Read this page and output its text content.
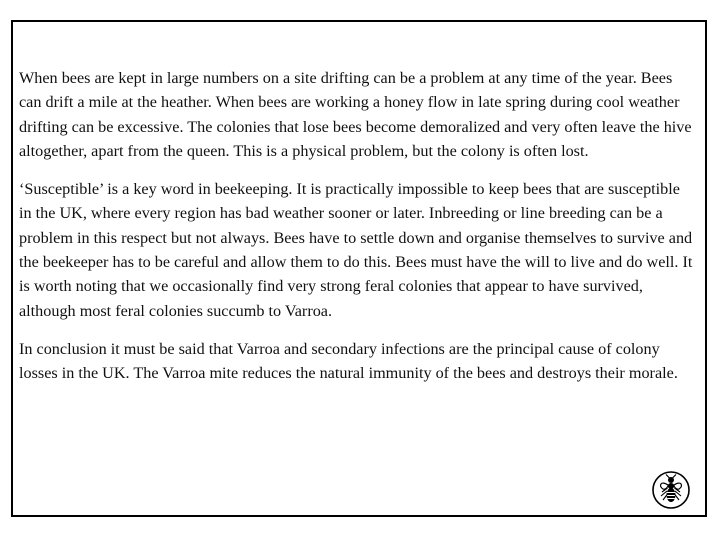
When bees are kept in large numbers on a site drifting can be a problem at any time of the year. Bees can drift a mile at the heather. When bees are working a honey flow in late spring during cool weather drifting can be excessive. The colonies that lose bees become demoralized and very often leave the hive altogether, apart from the queen. This is a physical problem, but the colony is often lost.

‘Susceptible’ is a key word in beekeeping. It is practically impossible to keep bees that are susceptible in the UK, where every region has bad weather sooner or later. Inbreeding or line breeding can be a problem in this respect but not always. Bees have to settle down and organise themselves to survive and the beekeeper has to be careful and allow them to do this. Bees must have the will to live and do well. It is worth noting that we occasionally find very strong feral colonies that appear to have survived, although most feral colonies succumb to Varroa.

In conclusion it must be said that Varroa and secondary infections are the principal cause of colony losses in the UK. The Varroa mite reduces the natural immunity of the bees and destroys their morale.
